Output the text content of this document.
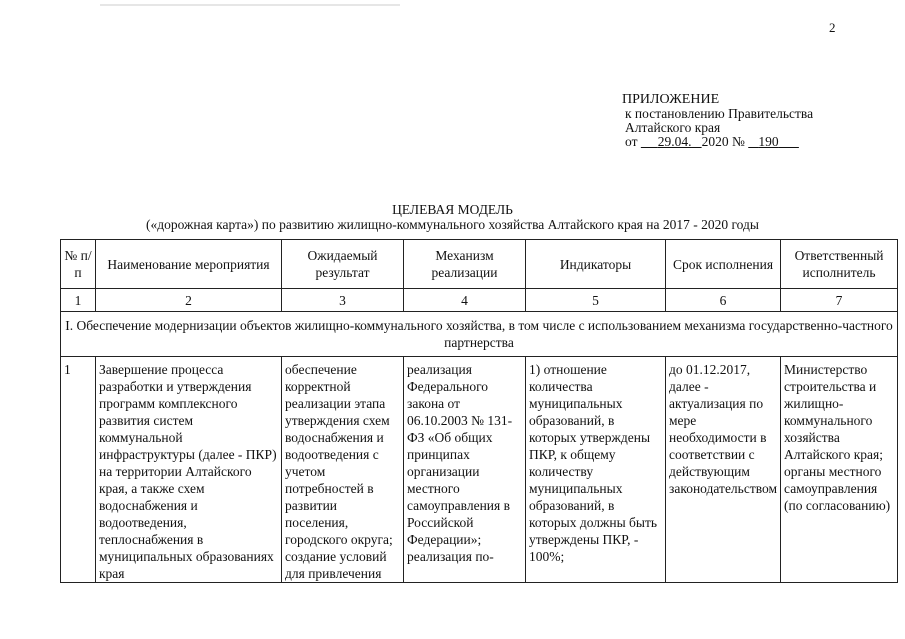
2
ПРИЛОЖЕНИЕ
к постановлению Правительства
Алтайского края
от 29.04. 2020 № 190
ЦЕЛЕВАЯ МОДЕЛЬ
(«дорожная карта») по развитию жилищно-коммунального хозяйства Алтайского края на 2017 - 2020 годы
№ п/п	Наименование мероприятия	Ожидаемый результат	Механизм реализации	Индикаторы	Срок исполнения	Ответственный исполнитель
1	2	3	4	5	6	7
I. Обеспечение модернизации объектов жилищно-коммунального хозяйства, в том числе с использованием механизма государственно-частного партнерства						
1	Завершение процесса разработки и утверждения программ комплексного развития систем коммунальной инфраструктуры (далее - ПКР) на территории Алтайского края, а также схем водоснабжения и водоотведения, теплоснабжения в муниципальных образованиях края	обеспечение корректной реализации этапа утверждения схем водоснабжения и водоотведения с учетом потребностей в развитии поселения, городского округа; создание условий для привлечения	реализация Федерального закона от 06.10.2003 № 131-ФЗ «Об общих принципах организации местного самоуправления в Российской Федерации»; реализация по-	1) отношение количества муниципальных образований, в которых утверждены ПКР, к общему количеству муниципальных образований, в которых должны быть утверждены ПКР, - 100%;	до 01.12.2017, далее - актуализация по мере необходимости в соответствии с действующим законодательством	Министерство строительства и жилищно-коммунального хозяйства Алтайского края; органы местного самоуправления (по согласованию)
